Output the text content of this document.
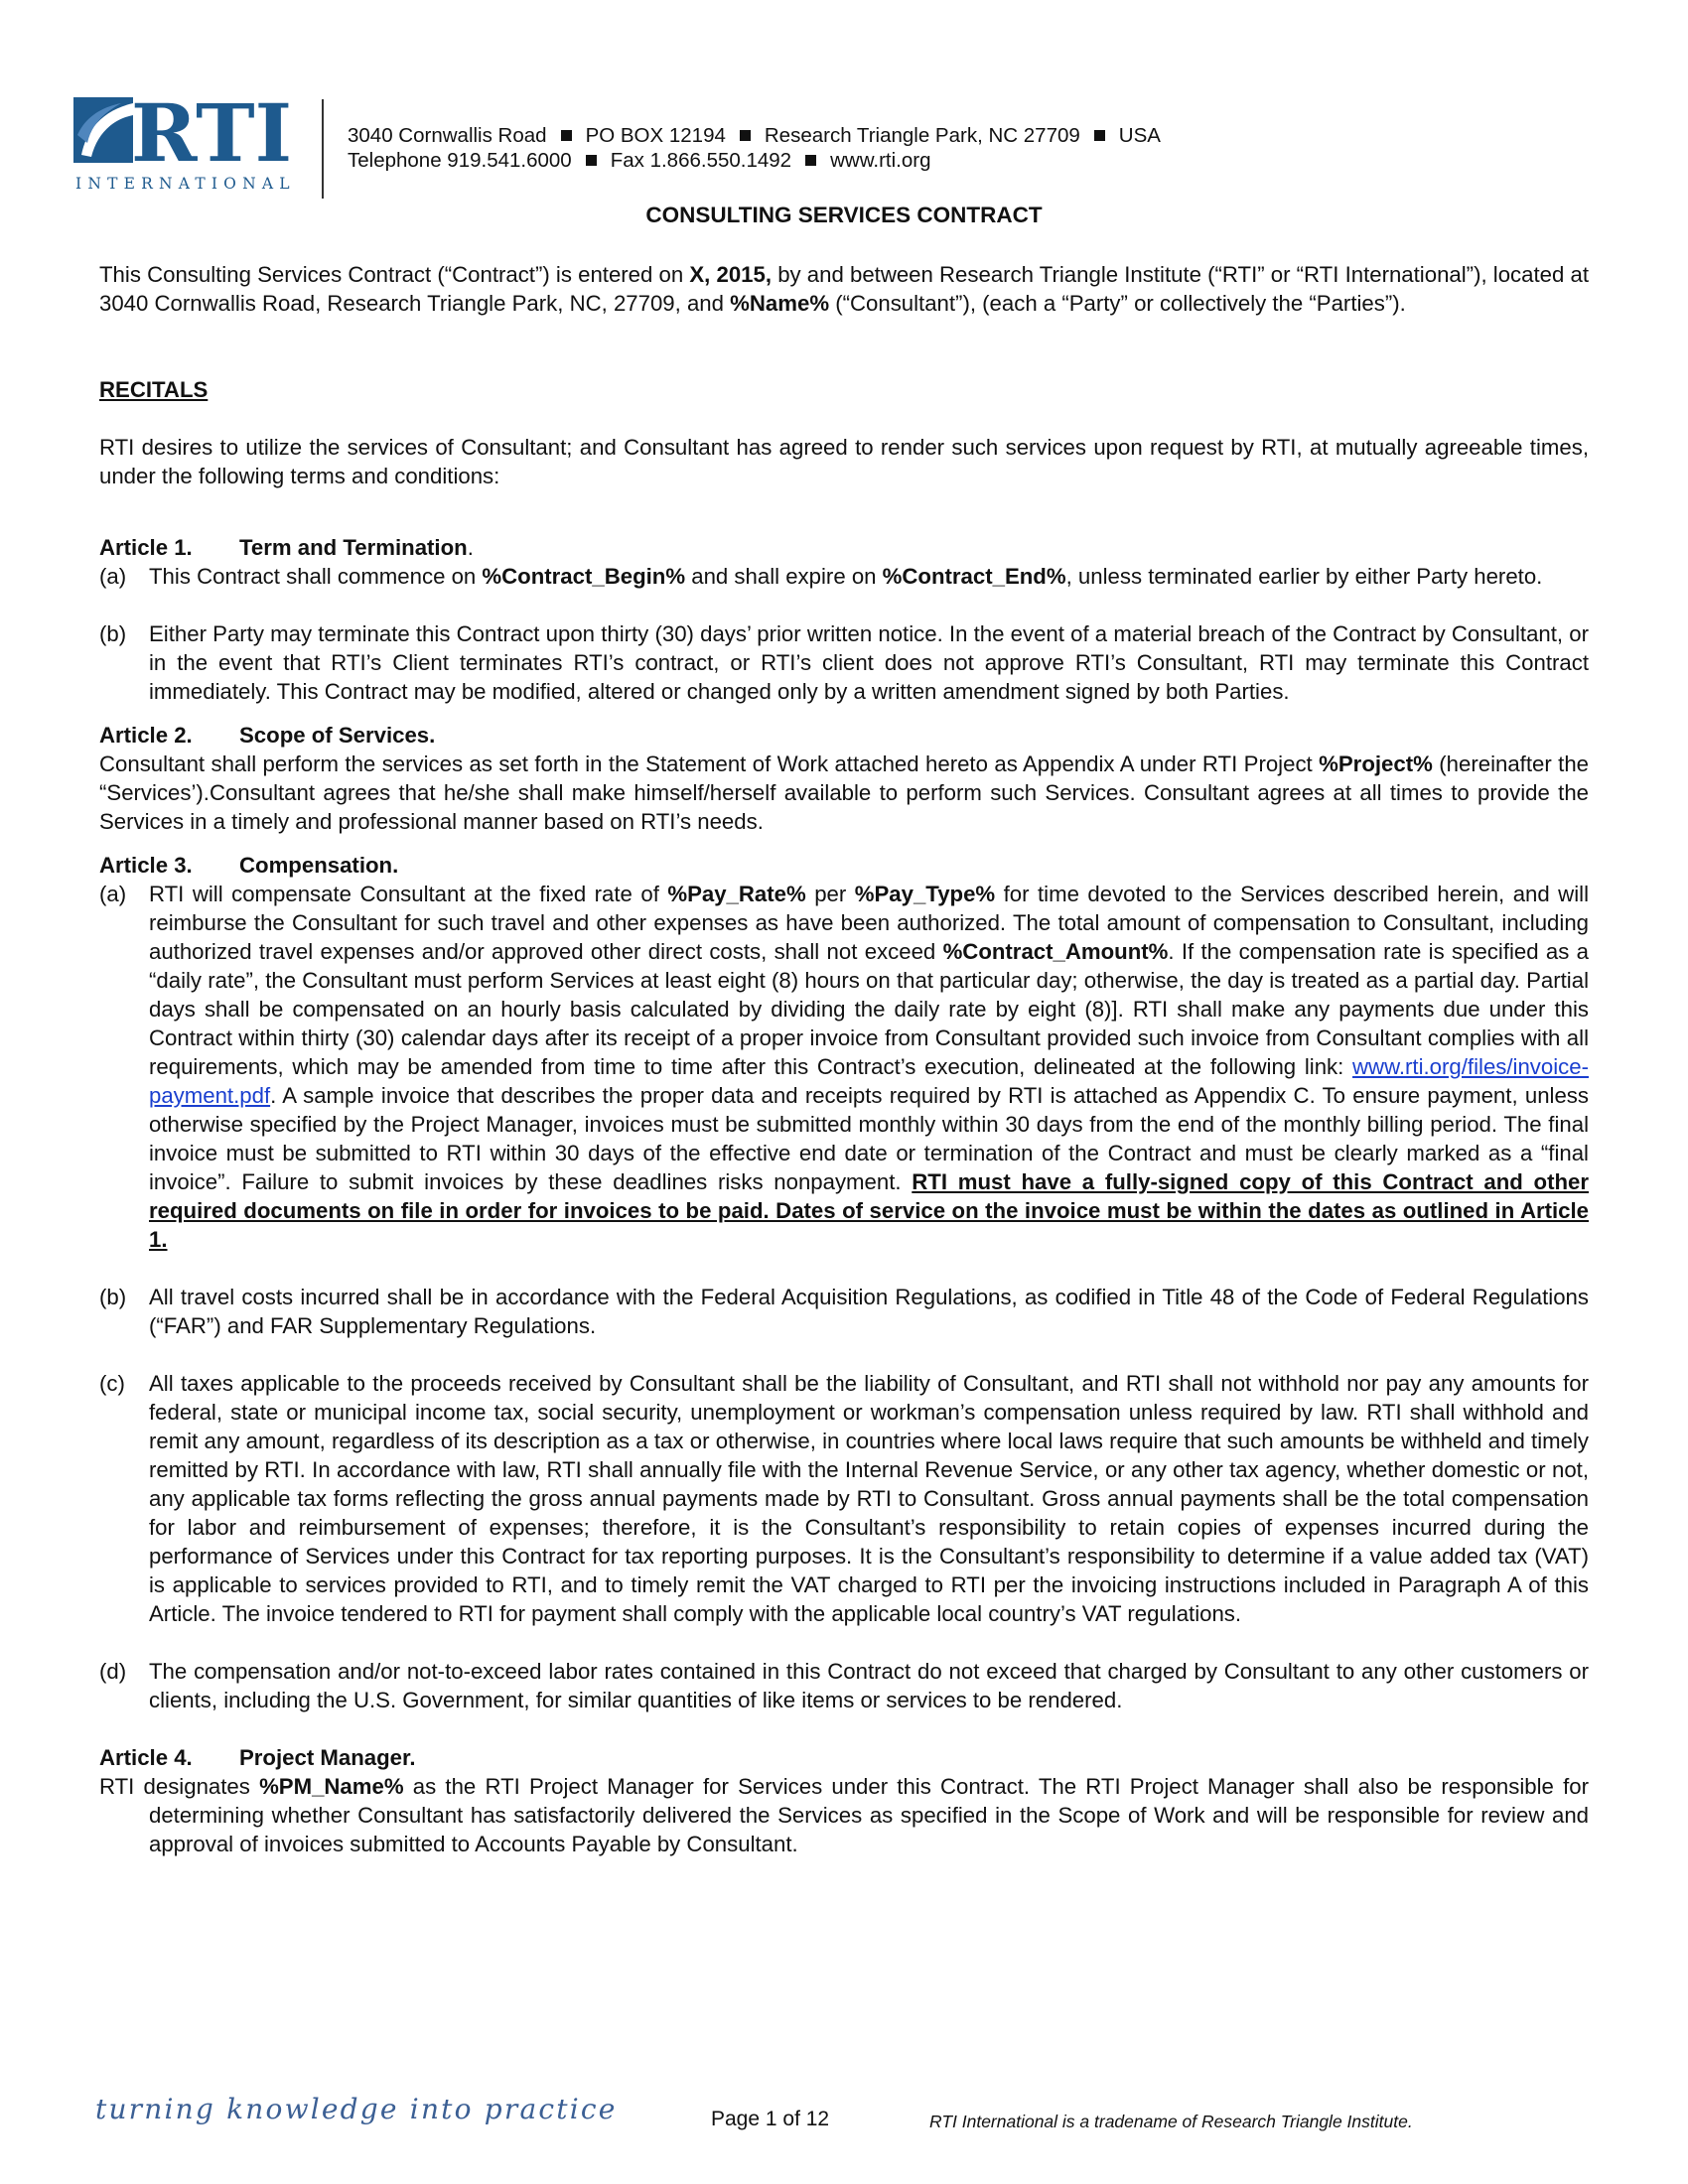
RTI
INTERNATIONAL
3040 Cornwallis Road PO BOX 12194 Research Triangle Park, NC 27709 USA
Telephone 919.541.6000 Fax 1.866.550.1492 www.rti.org
CONSULTING SERVICES CONTRACT

This Consulting Services Contract (“Contract”) is entered on X, 2015, by and between Research Triangle Institute (“RTI” or “RTI International”), located at 3040 Cornwallis Road, Research Triangle Park, NC, 27709, and %Name% (“Consultant”), (each a “Party” or collectively the “Parties”).

RECITALS

RTI desires to utilize the services of Consultant; and Consultant has agreed to render such services upon request by RTI, at mutually agreeable times, under the following terms and conditions:

Article 1. Term and Termination.

(a)	This Contract shall commence on %Contract_Begin% and shall expire on %Contract_End%, unless terminated earlier by either Party hereto.
(b)	Either Party may terminate this Contract upon thirty (30) days’ prior written notice. In the event of a material breach of the Contract by Consultant, or in the event that RTI’s Client terminates RTI’s contract, or RTI’s client does not approve RTI’s Consultant, RTI may terminate this Contract immediately. This Contract may be modified, altered or changed only by a written amendment signed by both Parties.

Article 2. Scope of Services.

Consultant shall perform the services as set forth in the Statement of Work attached hereto as Appendix A under RTI Project %Project% (hereinafter the “Services’).Consultant agrees that he/she shall make himself/herself available to perform such Services. Consultant agrees at all times to provide the Services in a timely and professional manner based on RTI’s needs.

Article 3. Compensation.

(a)	RTI will compensate Consultant at the fixed rate of %Pay_Rate% per %Pay_Type% for time devoted to the Services described herein, and will reimburse the Consultant for such travel and other expenses as have been authorized. The total amount of compensation to Consultant, including authorized travel expenses and/or approved other direct costs, shall not exceed %Contract_Amount%. If the compensation rate is specified as a “daily rate”, the Consultant must perform Services at least eight (8) hours on that particular day; otherwise, the day is treated as a partial day. Partial days shall be compensated on an hourly basis calculated by dividing the daily rate by eight (8)]. RTI shall make any payments due under this Contract within thirty (30) calendar days after its receipt of a proper invoice from Consultant provided such invoice from Consultant complies with all requirements, which may be amended from time to time after this Contract’s execution, delineated at the following link: www.rti.org/files/invoice-payment.pdf. A sample invoice that describes the proper data and receipts required by RTI is attached as Appendix C. To ensure payment, unless otherwise specified by the Project Manager, invoices must be submitted monthly within 30 days from the end of the monthly billing period. The final invoice must be submitted to RTI within 30 days of the effective end date or termination of the Contract and must be clearly marked as a “final invoice”. Failure to submit invoices by these deadlines risks nonpayment. RTI must have a fully-signed copy of this Contract and other required documents on file in order for invoices to be paid. Dates of service on the invoice must be within the dates as outlined in Article 1.
(b)	All travel costs incurred shall be in accordance with the Federal Acquisition Regulations, as codified in Title 48 of the Code of Federal Regulations (“FAR”) and FAR Supplementary Regulations.
(c)	All taxes applicable to the proceeds received by Consultant shall be the liability of Consultant, and RTI shall not withhold nor pay any amounts for federal, state or municipal income tax, social security, unemployment or workman’s compensation unless required by law. RTI shall withhold and remit any amount, regardless of its description as a tax or otherwise, in countries where local laws require that such amounts be withheld and timely remitted by RTI. In accordance with law, RTI shall annually file with the Internal Revenue Service, or any other tax agency, whether domestic or not, any applicable tax forms reflecting the gross annual payments made by RTI to Consultant. Gross annual payments shall be the total compensation for labor and reimbursement of expenses; therefore, it is the Consultant’s responsibility to retain copies of expenses incurred during the performance of Services under this Contract for tax reporting purposes. It is the Consultant’s responsibility to determine if a value added tax (VAT) is applicable to services provided to RTI, and to timely remit the VAT charged to RTI per the invoicing instructions included in Paragraph A of this Article. The invoice tendered to RTI for payment shall comply with the applicable local country’s VAT regulations.
(d)	The compensation and/or not-to-exceed labor rates contained in this Contract do not exceed that charged by Consultant to any other customers or clients, including the U.S. Government, for similar quantities of like items or services to be rendered.

Article 4. Project Manager.

RTI designates %PM_Name% as the RTI Project Manager for Services under this Contract. The RTI Project Manager shall also be responsible for determining whether Consultant has satisfactorily delivered the Services as specified in the Scope of Work and will be responsible for review and approval of invoices submitted to Accounts Payable by Consultant.

turning knowledge into practice	Page 1 of 12	RTI International is a tradename of Research Triangle Institute.
